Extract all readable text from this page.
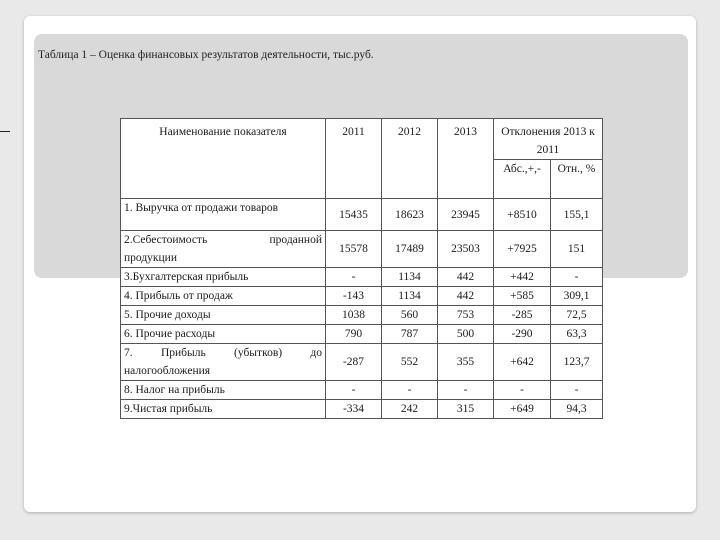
Таблица 1 – Оценка финансовых результатов деятельности, тыс.руб.
Наименование показателя	2011	2012	2013	Отклонения 2013 к 2011	
				Абс.,+,-	Отн., %
1. Выручка от продажи товаров	15435	18623	23945	+8510	155,1

2.Себестоимость проданной
продукции	15578	17489	23503	+7925	151
3.Бухгалтерская прибыль	-	1134	442	+442	-
4. Прибыль от продаж	-143	1134	442	+585	309,1
5. Прочие доходы	1038	560	753	-285	72,5
6. Прочие расходы	790	787	500	-290	63,3

7. Прибыль (убытков) до
налогообложения	-287	552	355	+642	123,7
8. Налог на прибыль	-	-	-	-	-
9.Чистая прибыль	-334	242	315	+649	94,3
